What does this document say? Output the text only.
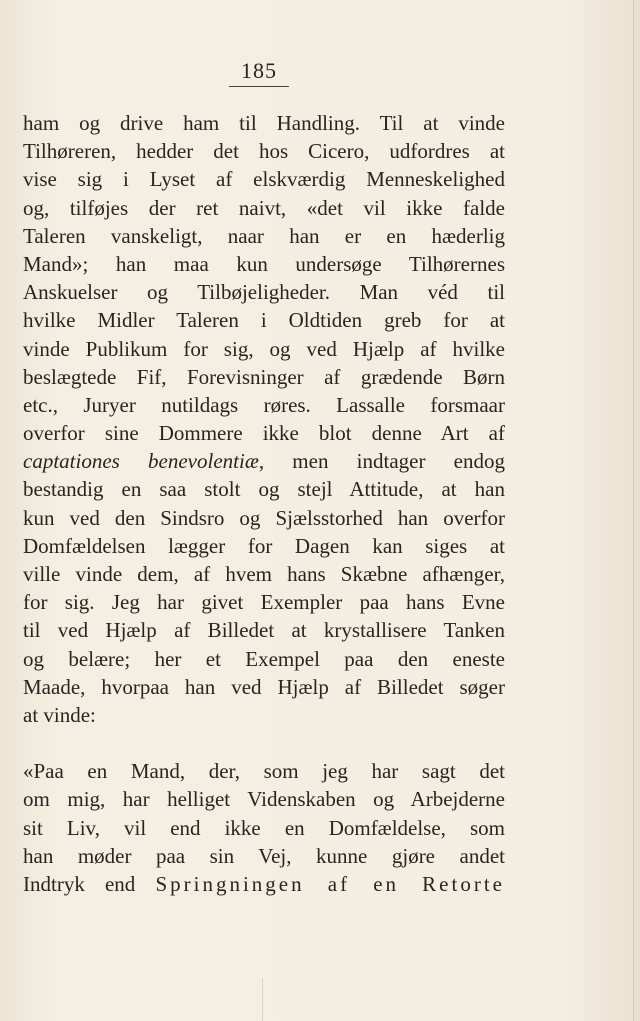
185
ham og drive ham til Handling. Til at vinde
Tilhøreren, hedder det hos Cicero, udfordres at
vise sig i Lyset af elskværdig Menneskelighed
og, tilføjes der ret naivt, «det vil ikke falde
Taleren vanskeligt, naar han er en hæderlig
Mand»; han maa kun undersøge Tilhørernes
Anskuelser og Tilbøjeligheder. Man véd til
hvilke Midler Taleren i Oldtiden greb for at
vinde Publikum for sig, og ved Hjælp af hvilke
beslægtede Fif, Forevisninger af grædende Børn
etc., Juryer nutildags røres. Lassalle forsmaar
overfor sine Dommere ikke blot denne Art af
captationes benevolentiæ, men indtager endog
bestandig en saa stolt og stejl Attitude, at han
kun ved den Sindsro og Sjælsstorhed han overfor
Domfældelsen lægger for Dagen kan siges at
ville vinde dem, af hvem hans Skæbne afhænger,
for sig. Jeg har givet Exempler paa hans Evne
til ved Hjælp af Billedet at krystallisere Tanken
og belære; her et Exempel paa den eneste
Maade, hvorpaa han ved Hjælp af Billedet søger
at vinde:
«Paa en Mand, der, som jeg har sagt det
om mig, har helliget Videnskaben og Arbejderne
sit Liv, vil end ikke en Domfældelse, som
han møder paa sin Vej, kunne gjøre andet
Indtryk end Springningen af en Retorte
